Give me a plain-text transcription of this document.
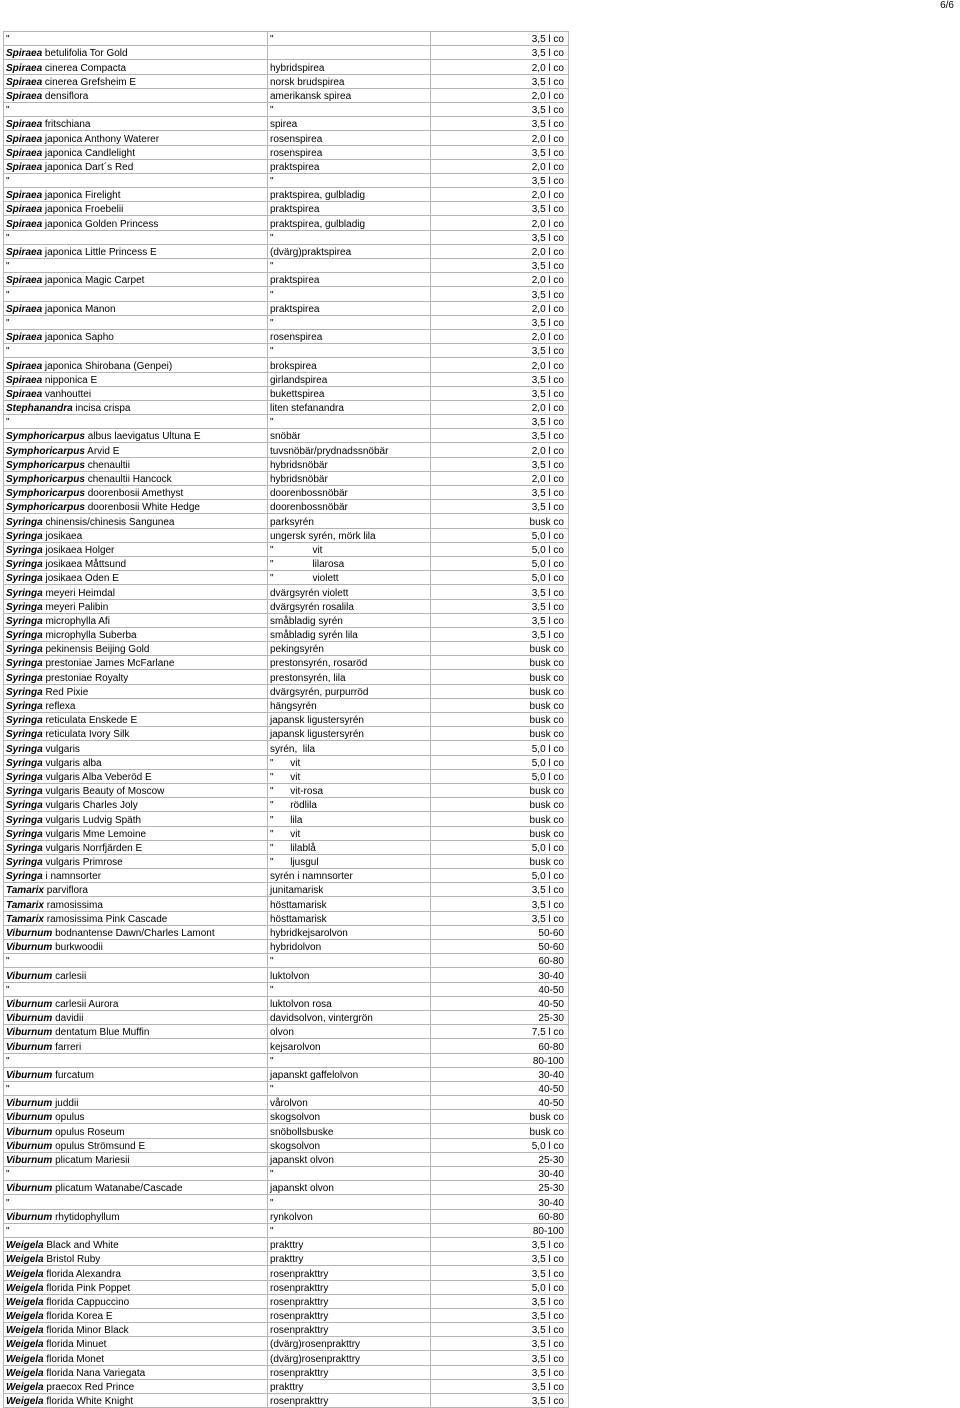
6/6
"	"	3,5 l co
Spiraea betulifolia Tor Gold		3,5 l co
Spiraea cinerea Compacta	hybridspirea	2,0 l co
Spiraea cinerea Grefsheim E	norsk brudspirea	3,5 l co
Spiraea densiflora	amerikansk spirea	2,0 l co
"	"	3,5 l co
Spiraea fritschiana	spirea	3,5 l co
Spiraea japonica Anthony Waterer	rosenspirea	2,0 l co
Spiraea japonica Candlelight	rosenspirea	3,5 l co
Spiraea japonica Dart´s Red	praktspirea	2,0 l co
"	"	3,5 l co
Spiraea japonica Firelight	praktspirea, gulbladig	2,0 l co
Spiraea japonica Froebelii	praktspirea	3,5 l co
Spiraea japonica Golden Princess	praktspirea, gulbladig	2,0 l co
"	"	3,5 l co
Spiraea japonica Little Princess E	(dvärg)praktspirea	2,0 l co
"	"	3,5 l co
Spiraea japonica Magic Carpet	praktspirea	2,0 l co
"	"	3,5 l co
Spiraea japonica Manon	praktspirea	2,0 l co
"	"	3,5 l co
Spiraea japonica Sapho	rosenspirea	2,0 l co
"	"	3,5 l co
Spiraea japonica Shirobana (Genpei)	brokspirea	2,0 l co
Spiraea nipponica E	girlandspirea	3,5 l co
Spiraea vanhouttei	bukettspirea	3,5 l co
Stephanandra incisa crispa	liten stefanandra	2,0 l co
"	"	3,5 l co
Symphoricarpus albus laevigatus Ultuna E	snöbär	3,5 l co
Symphoricarpus Arvid E	tuvsnöbär/prydnadssnöbär	2,0 l co
Symphoricarpus chenaultii	hybridsnöbär	3,5 l co
Symphoricarpus chenaultii Hancock	hybridsnöbär	2,0 l co
Symphoricarpus doorenbosii Amethyst	doorenbossnöbär	3,5 l co
Symphoricarpus doorenbosii White Hedge	doorenbossnöbär	3,5 l co
Syringa chinensis/chinesis Sangunea	parksyrén	busk co
Syringa josikaea	ungersk syrén, mörk lila	5,0 l co
Syringa josikaea Holger	"              vit	5,0 l co
Syringa josikaea Måttsund	"              lilarosa	5,0 l co
Syringa josikaea Oden E	"              violett	5,0 l co
Syringa meyeri Heimdal	dvärgsyrén violett	3,5 l co
Syringa meyeri Palibin	dvärgsyrén rosalila	3,5 l co
Syringa microphylla Afi	småbladig syrén	3,5 l co
Syringa microphylla Suberba	småbladig syrén lila	3,5 l co
Syringa pekinensis Beijing Gold	pekingsyrén	busk co
Syringa prestoniae James McFarlane	prestonsyrén, rosaröd	busk co
Syringa prestoniae Royalty	prestonsyrén, lila	busk co
Syringa Red Pixie	dvärgsyrén, purpurröd	busk co
Syringa reflexa	hängsyrén	busk co
Syringa reticulata Enskede E	japansk ligustersyrén	busk co
Syringa reticulata Ivory Silk	japansk ligustersyrén	busk co
Syringa vulgaris	syrén,  lila	5,0 l co
Syringa vulgaris alba	"      vit	5,0 l co
Syringa vulgaris Alba Veberöd E	"      vit	5,0 l co
Syringa vulgaris Beauty of Moscow	"      vit-rosa	busk co
Syringa vulgaris Charles Joly	"      rödlila	busk co
Syringa vulgaris Ludvig Späth	"      lila	busk co
Syringa vulgaris Mme Lemoine	"      vit	busk co
Syringa vulgaris Norrfjärden E	"      lilablå	5,0 l co
Syringa vulgaris Primrose	"      ljusgul	busk co
Syringa i namnsorter	syrén i namnsorter	5,0 l co
Tamarix parviflora	junitamarisk	3,5 l co
Tamarix ramosissima	hösttamarisk	3,5 l co
Tamarix ramosissima Pink Cascade	hösttamarisk	3,5 l co
Viburnum bodnantense Dawn/Charles Lamont	hybridkejsarolvon	50-60
Viburnum burkwoodii	hybridolvon	50-60
"	"	60-80
Viburnum carlesii	luktolvon	30-40
"	"	40-50
Viburnum carlesii Aurora	luktolvon rosa	40-50
Viburnum davidii	davidsolvon, vintergrön	25-30
Viburnum dentatum Blue Muffin	olvon	7,5 l co
Viburnum farreri	kejsarolvon	60-80
"	"	80-100
Viburnum furcatum	japanskt gaffelolvon	30-40
"	"	40-50
Viburnum juddii	vårolvon	40-50
Viburnum opulus	skogsolvon	busk co
Viburnum opulus Roseum	snöbollsbuske	busk co
Viburnum opulus Strömsund E	skogsolvon	5,0 l co
Viburnum plicatum Mariesii	japanskt olvon	25-30
"	"	30-40
Viburnum plicatum Watanabe/Cascade	japanskt olvon	25-30
"	"	30-40
Viburnum rhytidophyllum	rynkolvon	60-80
"	"	80-100
Weigela Black and White	prakttry	3,5 l co
Weigela Bristol Ruby	prakttry	3,5 l co
Weigela florida Alexandra	rosenprakttry	3,5 l co
Weigela florida Pink Poppet	rosenprakttry	5,0 l co
Weigela florida Cappuccino	rosenprakttry	3,5 l co
Weigela florida Korea E	rosenprakttry	3,5 l co
Weigela florida Minor Black	rosenprakttry	3,5 l co
Weigela florida Minuet	(dvärg)rosenprakttry	3,5 l co
Weigela florida Monet	(dvärg)rosenprakttry	3,5 l co
Weigela florida Nana Variegata	rosenprakttry	3,5 l co
Weigela praecox Red Prince	prakttry	3,5 l co
Weigela florida White Knight	rosenprakttry	3,5 l co
